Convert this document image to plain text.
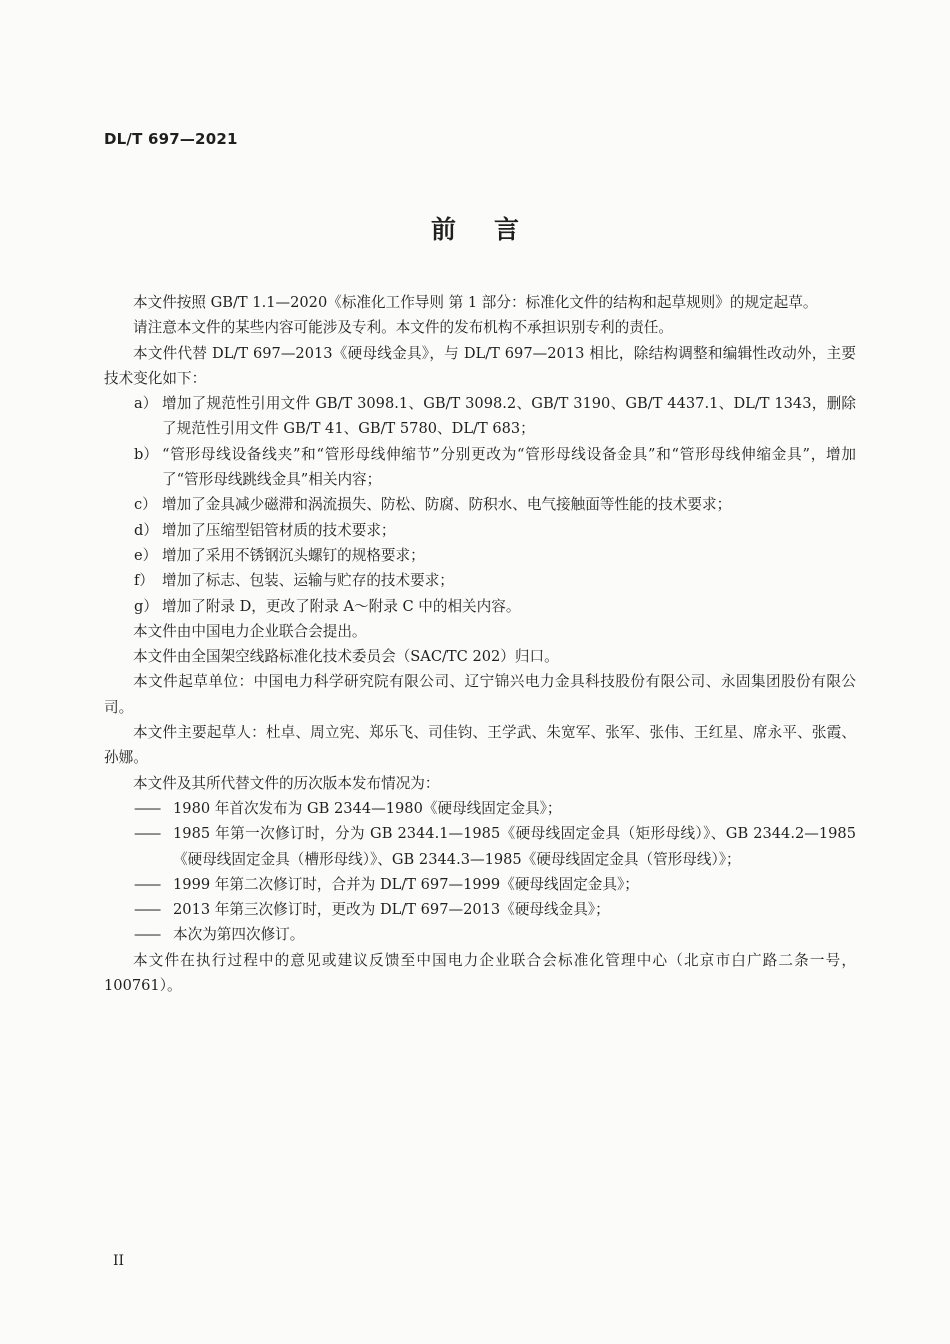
DL/T 697—2021
前言

本文件按照 GB/T 1.1—2020《标准化工作导则 第 1 部分：标准化文件的结构和起草规则》的规定起草。

请注意本文件的某些内容可能涉及专利。本文件的发布机构不承担识别专利的责任。

本文件代替 DL/T 697—2013《硬母线金具》，与 DL/T 697—2013 相比，除结构调整和编辑性改动外，主要技术变化如下：

a） 增加了规范性引用文件 GB/T 3098.1、GB/T 3098.2、GB/T 3190、GB/T 4437.1、DL/T 1343，删除了规范性引用文件 GB/T 41、GB/T 5780、DL/T 683；
b） “管形母线设备线夹”和“管形母线伸缩节”分别更改为“管形母线设备金具”和“管形母线伸缩金具”，增加了“管形母线跳线金具”相关内容；
c） 增加了金具减少磁滞和涡流损失、防松、防腐、防积水、电气接触面等性能的技术要求；
d） 增加了压缩型铝管材质的技术要求；
e） 增加了采用不锈钢沉头螺钉的规格要求；
f） 增加了标志、包装、运输与贮存的技术要求；
g） 增加了附录 D，更改了附录 A～附录 C 中的相关内容。

本文件由中国电力企业联合会提出。

本文件由全国架空线路标准化技术委员会（SAC/TC 202）归口。

本文件起草单位：中国电力科学研究院有限公司、辽宁锦兴电力金具科技股份有限公司、永固集团股份有限公司。

本文件主要起草人：杜卓、周立宪、郑乐飞、司佳钧、王学武、朱宽军、张军、张伟、王红星、席永平、张霞、孙娜。

本文件及其所代替文件的历次版本发布情况为：

—— 1980 年首次发布为 GB 2344—1980《硬母线固定金具》；
—— 1985 年第一次修订时，分为 GB 2344.1—1985《硬母线固定金具（矩形母线）》、GB 2344.2—1985《硬母线固定金具（槽形母线）》、GB 2344.3—1985《硬母线固定金具（管形母线）》；
—— 1999 年第二次修订时，合并为 DL/T 697—1999《硬母线固定金具》；
—— 2013 年第三次修订时，更改为 DL/T 697—2013《硬母线金具》；
—— 本次为第四次修订。

本文件在执行过程中的意见或建议反馈至中国电力企业联合会标准化管理中心（北京市白广路二条一号，100761）。

II
